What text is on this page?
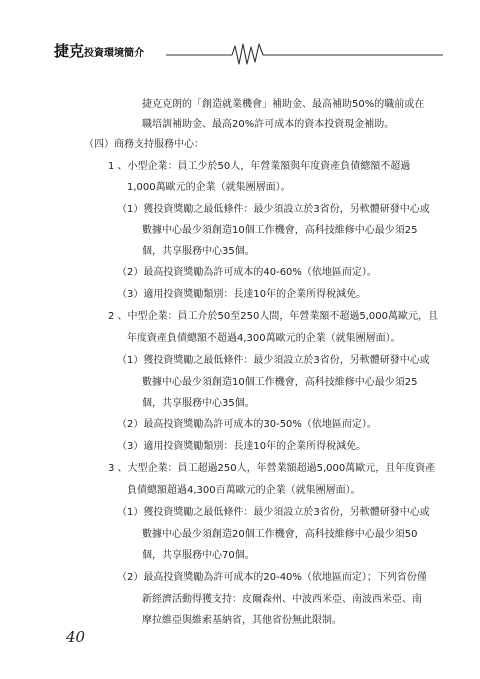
捷克投資環境簡介
捷克克朗的「創造就業機會」補助金、最高補助50%的職前或在
職培訓補助金、最高20%許可成本的資本投資現金補助。
（四）商務支持服務中心：
1 、小型企業：員工少於50人，年營業額與年度資產負債總額不超過
1,000萬歐元的企業（就集團層面）。
（1）獲投資獎勵之最低條件：最少須設立於3省份，另軟體研發中心或
數據中心最少須創造10個工作機會，高科技維修中心最少須25
個，共享服務中心35個。
（2）最高投資獎勵為許可成本的40-60%（依地區而定）。
（3）適用投資獎勵類別：長達10年的企業所得稅減免。
2 、中型企業：員工介於50至250人間，年營業額不超過5,000萬歐元，且
年度資產負債總額不超過4,300萬歐元的企業（就集團層面）。
（1）獲投資獎勵之最低條件：最少須設立於3省份，另軟體研發中心或
數據中心最少須創造10個工作機會，高科技維修中心最少須25
個，共享服務中心35個。
（2）最高投資獎勵為許可成本的30-50%（依地區而定）。
（3）適用投資獎勵類別：長達10年的企業所得稅減免。
3 、大型企業：員工超過250人，年營業額超過5,000萬歐元，且年度資產
負債總額超過4,300百萬歐元的企業（就集團層面）。
（1）獲投資獎勵之最低條件：最少須設立於3省份，另軟體研發中心或
數據中心最少須創造20個工作機會，高科技維修中心最少須50
個，共享服務中心70個。
（2）最高投資獎勵為許可成本的20-40%（依地區而定）；下列省份僅
新經濟活動得獲支持：皮爾森州、中波西米亞、南波西米亞、南
摩拉維亞與維索基納省，其他省份無此限制。
40
